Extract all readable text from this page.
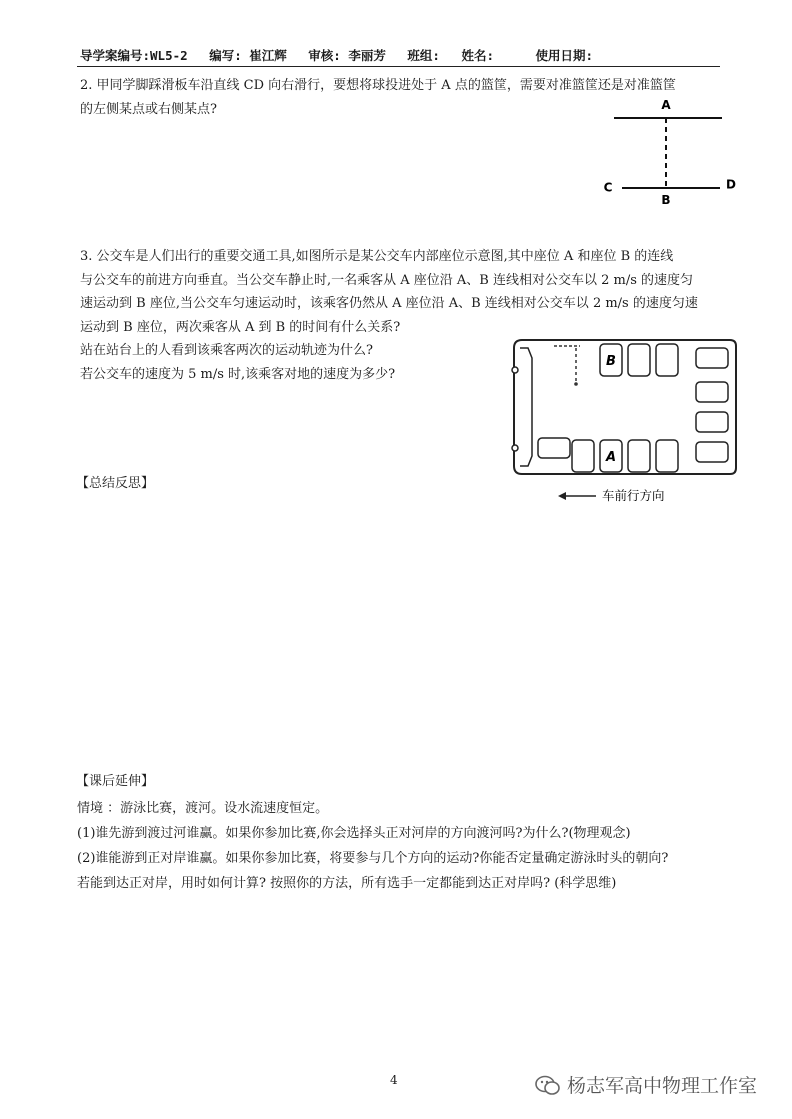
导学案编号:WL5-2 编写: 崔江辉 审核: 李丽芳 班组: 姓名:	使用日期:
2. 甲同学脚踩滑板车沿直线 CD 向右滑行，要想将球投进处于 A 点的篮筐，需要对准篮筐还是对准篮筐
的左侧某点或右侧某点?	A
C	D
B
3. 公交车是人们出行的重要交通工具,如图所示是某公交车内部座位示意图,其中座位 A 和座位 B 的连线
与公交车的前进方向垂直。当公交车静止时,一名乘客从 A 座位沿 A、B 连线相对公交车以 2 m/s 的速度匀
速运动到 B 座位,当公交车匀速运动时，该乘客仍然从 A 座位沿 A、B 连线相对公交车以 2 m/s 的速度匀速
运动到 B 座位，两次乘客从 A 到 B 的时间有什么关系?
站在站台上的人看到该乘客两次的运动轨迹为什么?
若公交车的速度为 5 m/s 时,该乘客对地的速度为多少?
B
A
车前行方向
【总结反思】
【课后延伸】
情境 ：游泳比赛，渡河。设水流速度恒定。
(1)谁先游到渡过河谁赢。如果你参加比赛,你会选择头正对河岸的方向渡河吗?为什么?(物理观念)
(2)谁能游到正对岸谁赢。如果你参加比赛，将要参与几个方向的运动?你能否定量确定游泳时头的朝向?
若能到达正对岸，用时如何计算? 按照你的方法，所有选手一定都能到达正对岸吗? (科学思维)
4	杨志军高中物理工作室
